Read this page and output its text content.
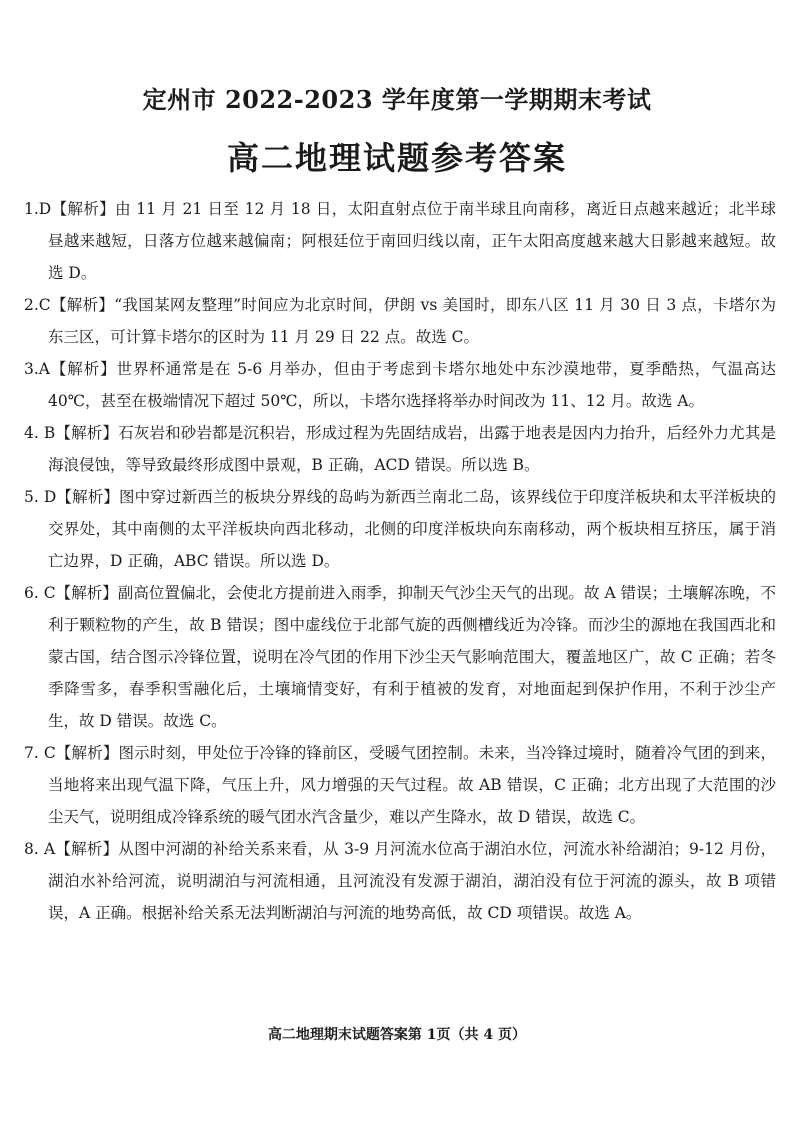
定州市 2022-2023 学年度第一学期期末考试
高二地理试题参考答案

1.D【解析】由 11 月 21 日至 12 月 18 日，太阳直射点位于南半球且向南移，离近日点越来越近；北半球 昼越来越短，日落方位越来越偏南；阿根廷位于南回归线以南，正午太阳高度越来越大日影越来越短。故 选 D。

2.C【解析】“我国某网友整理”时间应为北京时间，伊朗 vs 美国时，即东八区 11 月 30 日 3 点，卡塔尔为东三区，可计算卡塔尔的区时为 11 月 29 日 22 点。故选 C。

3.A【解析】世界杯通常是在 5-6 月举办，但由于考虑到卡塔尔地处中东沙漠地带，夏季酷热，气温高达 40℃，甚至在极端情况下超过 50℃，所以，卡塔尔选择将举办时间改为 11、12 月。故选 A。

4. B【解析】石灰岩和砂岩都是沉积岩，形成过程为先固结成岩，出露于地表是因内力抬升，后经外力尤其是海浪侵蚀，等导致最终形成图中景观，B 正确，ACD 错误。所以选 B。

5. D【解析】图中穿过新西兰的板块分界线的岛屿为新西兰南北二岛，该界线位于印度洋板块和太平洋板块的交界处，其中南侧的太平洋板块向西北移动，北侧的印度洋板块向东南移动，两个板块相互挤压，属于消亡边界，D 正确，ABC 错误。所以选 D。

6. C【解析】副高位置偏北，会使北方提前进入雨季，抑制天气沙尘天气的出现。故 A 错误；土壤解冻晚，不利于颗粒物的产生，故 B 错误；图中虚线位于北部气旋的西侧槽线近为冷锋。而沙尘的源地在我国西北和蒙古国，结合图示冷锋位置，说明在冷气团的作用下沙尘天气影响范围大，覆盖地区广，故 C 正确；若冬季降雪多，春季积雪融化后，土壤墒情变好，有利于植被的发育，对地面起到保护作用，不利于沙尘产生，故 D 错误。故选 C。

7. C【解析】图示时刻，甲处位于冷锋的锋前区，受暖气团控制。未来，当冷锋过境时，随着冷气团的到来，当地将来出现气温下降，气压上升，风力增强的天气过程。故 AB 错误，C 正确；北方出现了大范围的沙尘天气，说明组成冷锋系统的暖气团水汽含量少，难以产生降水，故 D 错误，故选 C。

8. A【解析】从图中河湖的补给关系来看，从 3-9 月河流水位高于湖泊水位，河流水补给湖泊；9-12 月份，湖泊水补给河流，说明湖泊与河流相通，且河流没有发源于湖泊，湖泊没有位于河流的源头，故 B 项错误，A 正确。根据补给关系无法判断湖泊与河流的地势高低，故 CD 项错误。故选 A。

高二地理期末试题答案第 1页（共 4 页）
